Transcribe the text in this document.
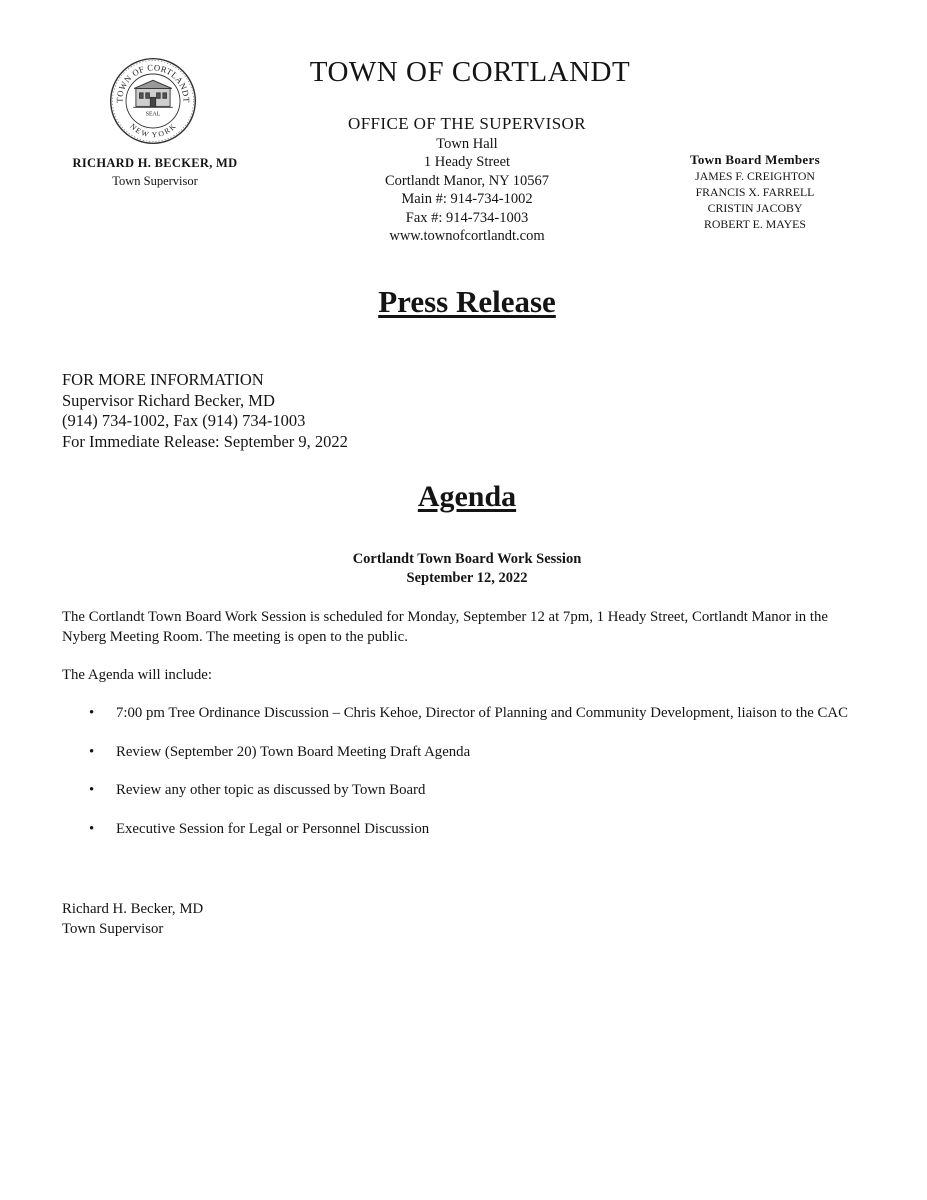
TOWN OF CORTLANDT
NEW YORK
SEAL
RICHARD H. BECKER, MD
Town Supervisor
TOWN OF CORTLANDT
OFFICE OF THE SUPERVISOR
Town Hall
1 Heady Street
Cortlandt Manor, NY 10567
Main #: 914-734-1002
Fax #: 914-734-1003
www.townofcortlandt.com
Town Board Members
JAMES F. CREIGHTON
FRANCIS X. FARRELL
CRISTIN JACOBY
ROBERT E. MAYES
Press Release
FOR MORE INFORMATION
Supervisor Richard Becker, MD
(914) 734-1002, Fax (914) 734-1003
For Immediate Release: September 9, 2022
Agenda
Cortlandt Town Board Work Session
September 12, 2022
The Cortlandt Town Board Work Session is scheduled for Monday, September 12 at 7pm, 1 Heady Street, Cortlandt Manor in the Nyberg Meeting Room. The meeting is open to the public.
The Agenda will include:
• 7:00 pm Tree Ordinance Discussion – Chris Kehoe, Director of Planning and Community Development, liaison to the CAC
• Review (September 20) Town Board Meeting Draft Agenda
• Review any other topic as discussed by Town Board
• Executive Session for Legal or Personnel Discussion
Richard H. Becker, MD
Town Supervisor
